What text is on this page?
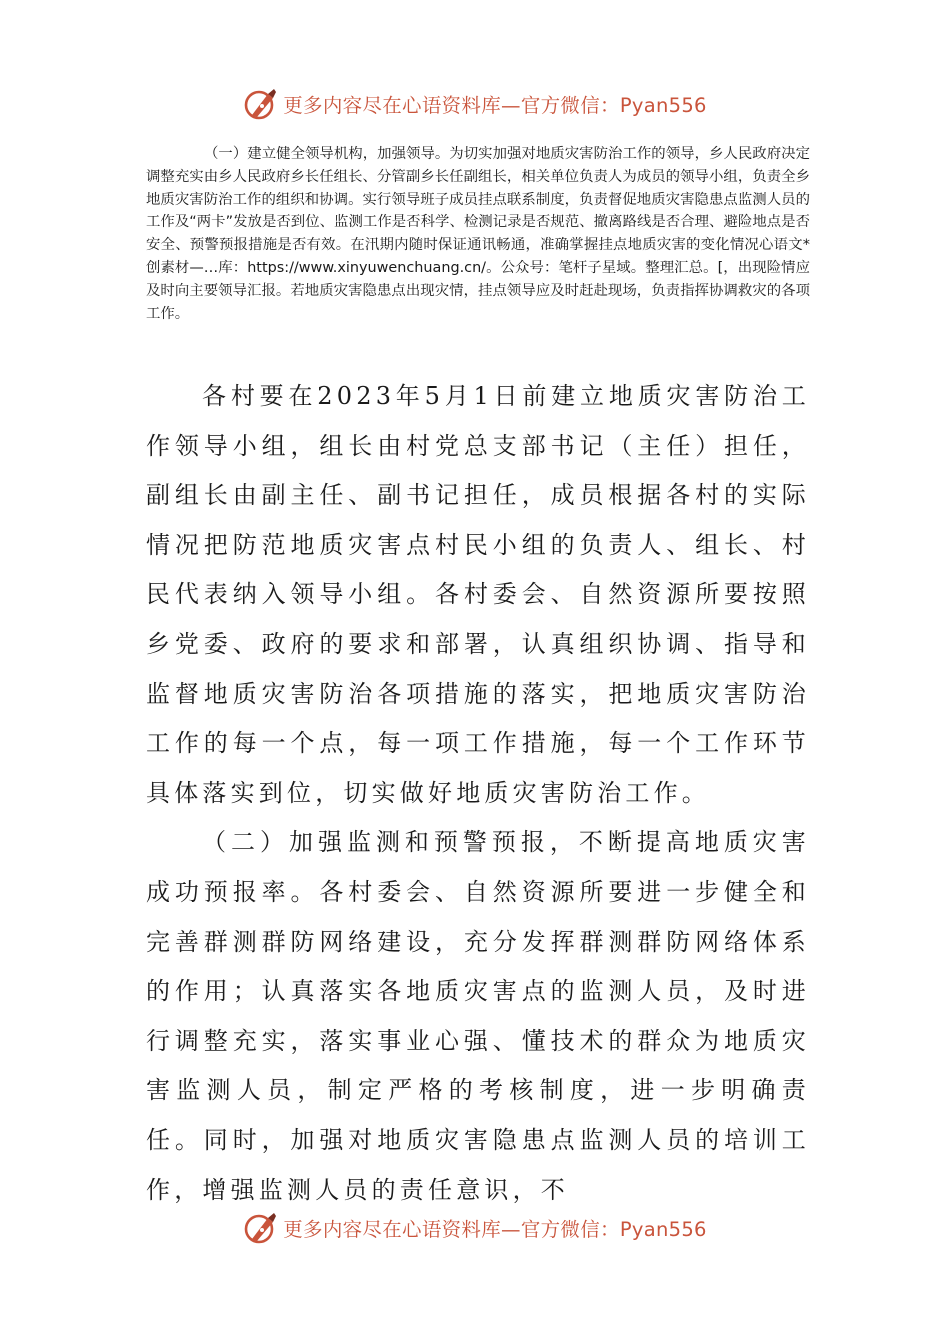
更多内容尽在心语资料库—官方微信：Pyan556

（一）建立健全领导机构，加强领导。为切实加强对地质灾害防治工作的领导，乡人民政府决定调整充实由乡人民政府乡长任组长、分管副乡长任副组长，相关单位负责人为成员的领导小组，负责全乡地质灾害防治工作的组织和协调。实行领导班子成员挂点联系制度，负责督促地质灾害隐患点监测人员的工作及“两卡”发放是否到位、监测工作是否科学、检测记录是否规范、撤离路线是否合理、避险地点是否安全、预警预报措施是否有效。在汛期内随时保证通讯畅通，准确掌握挂点地质灾害的变化情况心语文*创素材—…库：https://www.xinyuwenchuang.cn/。公众号：笔杆子星域。整理汇总。[，出现险情应及时向主要领导汇报。若地质灾害隐患点出现灾情，挂点领导应及时赶赴现场，负责指挥协调救灾的各项工作。

各村要在2023年5月1日前建立地质灾害防治工作领导小组，组长由村党总支部书记（主任）担任，副组长由副主任、副书记担任，成员根据各村的实际情况把防范地质灾害点村民小组的负责人、组长、村民代表纳入领导小组。各村委会、自然资源所要按照乡党委、政府的要求和部署，认真组织协调、指导和监督地质灾害防治各项措施的落实，把地质灾害防治工作的每一个点，每一项工作措施，每一个工作环节具体落实到位，切实做好地质灾害防治工作。

（二）加强监测和预警预报，不断提高地质灾害成功预报率。各村委会、自然资源所要进一步健全和完善群测群防网络建设，充分发挥群测群防网络体系的作用；认真落实各地质灾害点的监测人员，及时进行调整充实，落实事业心强、懂技术的群众为地质灾害监测人员，制定严格的考核制度，进一步明确责任。同时，加强对地质灾害隐患点监测人员的培训工作，增强监测人员的责任意识，不

更多内容尽在心语资料库—官方微信：Pyan556
